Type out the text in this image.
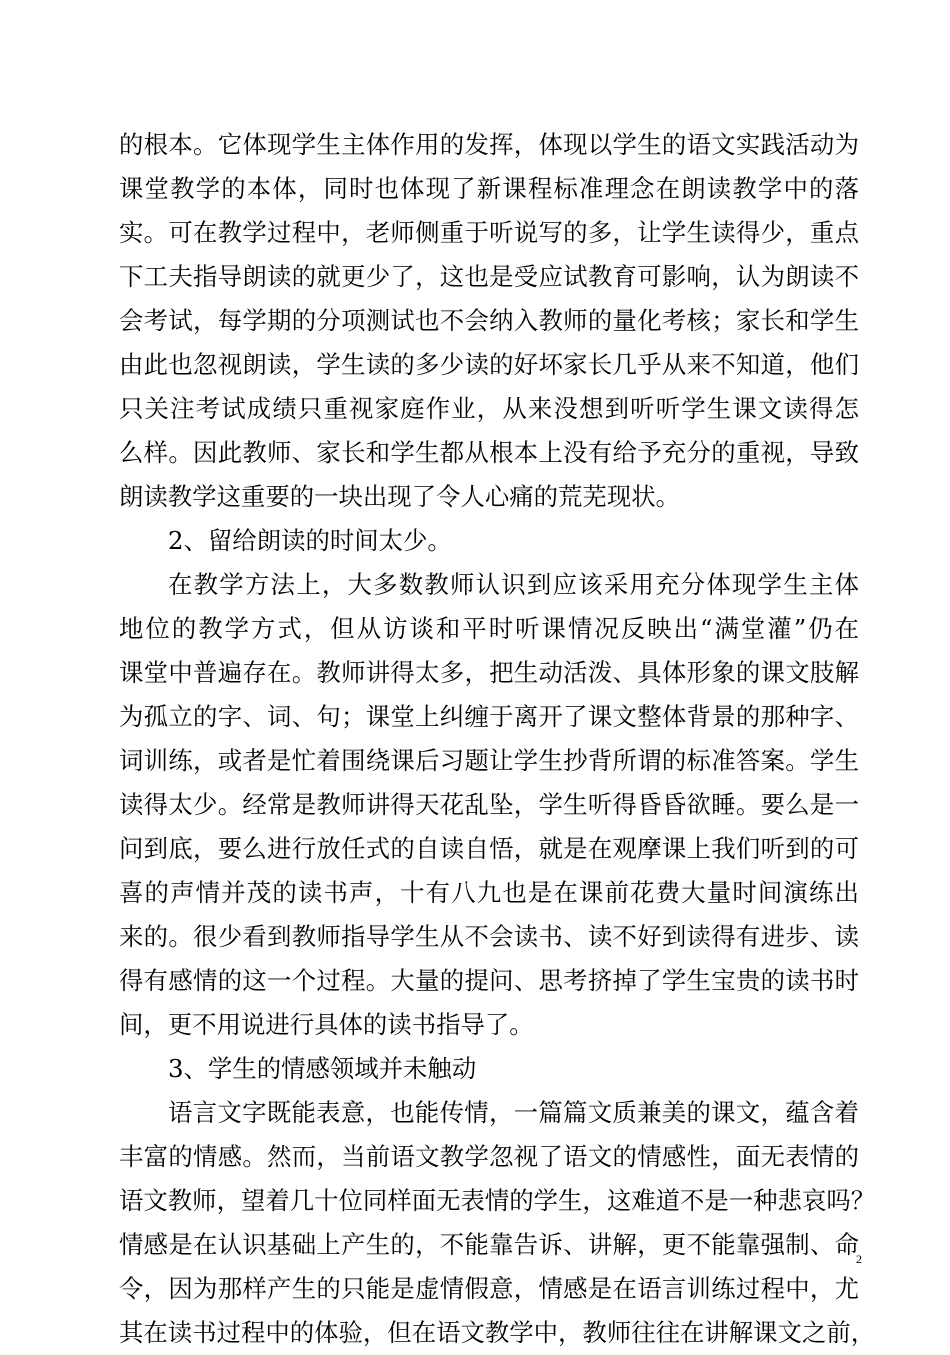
的根本。它体现学生主体作用的发挥，体现以学生的语文实践活动为
课堂教学的本体，同时也体现了新课程标准理念在朗读教学中的落
实。可在教学过程中，老师侧重于听说写的多，让学生读得少，重点
下工夫指导朗读的就更少了，这也是受应试教育可影响，认为朗读不
会考试，每学期的分项测试也不会纳入教师的量化考核；家长和学生
由此也忽视朗读，学生读的多少读的好坏家长几乎从来不知道，他们
只关注考试成绩只重视家庭作业，从来没想到听听学生课文读得怎
么样。因此教师、家长和学生都从根本上没有给予充分的重视，导致
朗读教学这重要的一块出现了令人心痛的荒芜现状。
2、留给朗读的时间太少。
在教学方法上，大多数教师认识到应该采用充分体现学生主体
地位的教学方式，但从访谈和平时听课情况反映出“满堂灌”仍在
课堂中普遍存在。教师讲得太多，把生动活泼、具体形象的课文肢解
为孤立的字、词、句；课堂上纠缠于离开了课文整体背景的那种字、
词训练，或者是忙着围绕课后习题让学生抄背所谓的标准答案。学生
读得太少。经常是教师讲得天花乱坠，学生听得昏昏欲睡。要么是一
问到底，要么进行放任式的自读自悟，就是在观摩课上我们听到的可
喜的声情并茂的读书声，十有八九也是在课前花费大量时间演练出
来的。很少看到教师指导学生从不会读书、读不好到读得有进步、读
得有感情的这一个过程。大量的提问、思考挤掉了学生宝贵的读书时
间，更不用说进行具体的读书指导了。
3、学生的情感领域并未触动
语言文字既能表意，也能传情，一篇篇文质兼美的课文，蕴含着
丰富的情感。然而，当前语文教学忽视了语文的情感性，面无表情的
语文教师，望着几十位同样面无表情的学生，这难道不是一种悲哀吗？
情感是在认识基础上产生的，不能靠告诉、讲解，更不能靠强制、命
令，因为那样产生的只能是虚情假意，情感是在语言训练过程中，尤
其在读书过程中的体验，但在语文教学中，教师往往在讲解课文之前，
2
